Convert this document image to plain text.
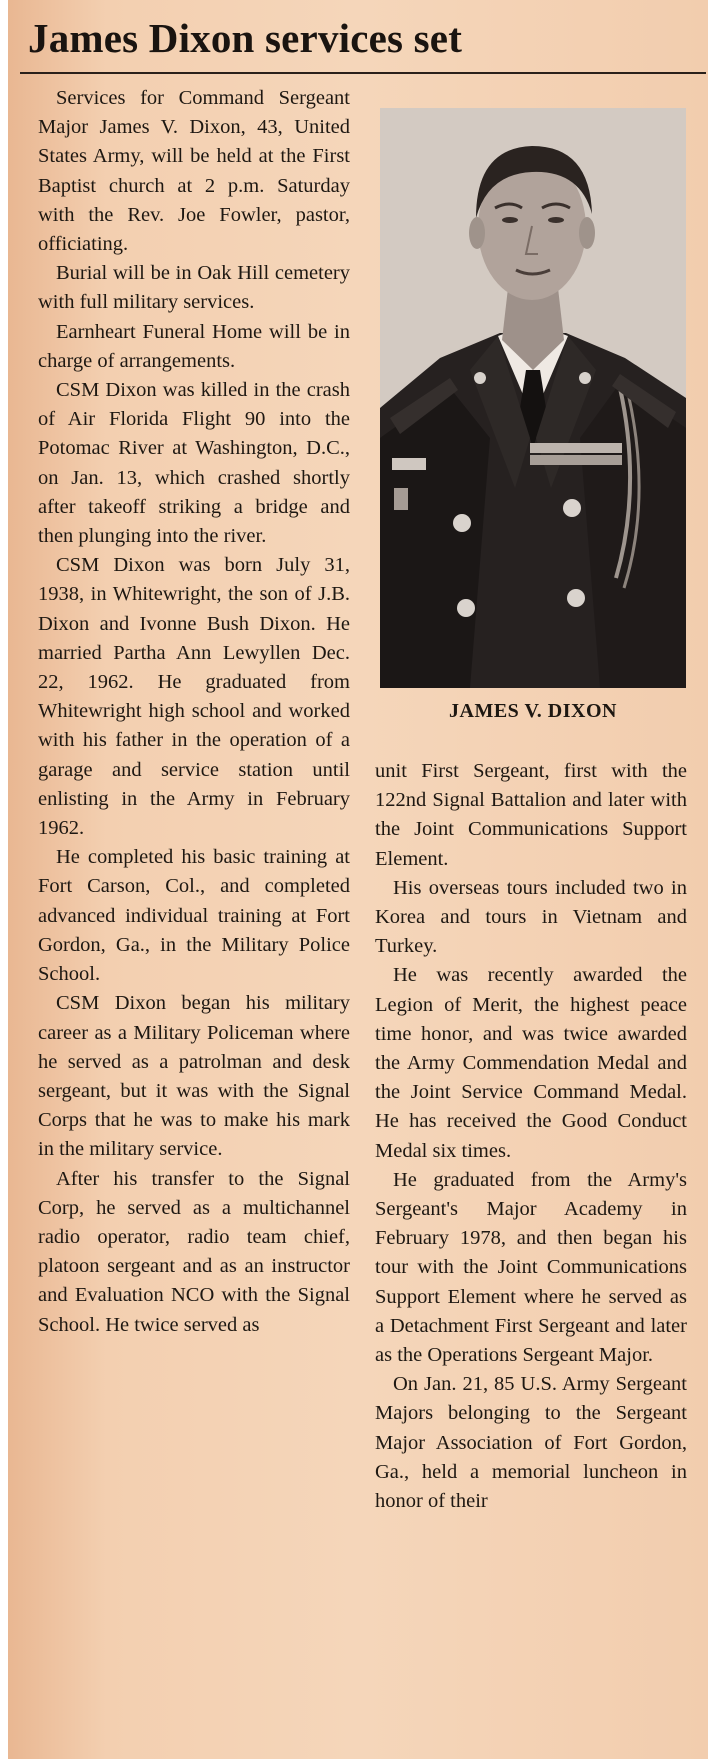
James Dixon services set

Services for Command Sergeant Major James V. Dixon, 43, United States Army, will be held at the First Baptist church at 2 p.m. Saturday with the Rev. Joe Fowler, pastor, officiating.

Burial will be in Oak Hill cemetery with full military services.

Earnheart Funeral Home will be in charge of arrangements.

CSM Dixon was killed in the crash of Air Florida Flight 90 into the Potomac River at Washington, D.C., on Jan. 13, which crashed shortly after takeoff striking a bridge and then plunging into the river.

CSM Dixon was born July 31, 1938, in Whitewright, the son of J.B. Dixon and Ivonne Bush Dixon. He married Partha Ann Lewyllen Dec. 22, 1962. He graduated from Whitewright high school and worked with his father in the operation of a garage and service station until enlisting in the Army in February 1962.

He completed his basic training at Fort Carson, Col., and completed advanced individual training at Fort Gordon, Ga., in the Military Police School.

CSM Dixon began his military career as a Military Policeman where he served as a patrolman and desk sergeant, but it was with the Signal Corps that he was to make his mark in the military service.

After his transfer to the Signal Corp, he served as a multichannel radio operator, radio team chief, platoon sergeant and as an instructor and Evaluation NCO with the Signal School. He twice served as

JAMES V. DIXON

unit First Sergeant, first with the 122nd Signal Battalion and later with the Joint Communications Support Element.

His overseas tours included two in Korea and tours in Vietnam and Turkey.

He was recently awarded the Legion of Merit, the highest peace time honor, and was twice awarded the Army Commendation Medal and the Joint Service Command Medal. He has received the Good Conduct Medal six times.

He graduated from the Army's Sergeant's Major Academy in February 1978, and then began his tour with the Joint Communications Support Element where he served as a Detachment First Sergeant and later as the Operations Sergeant Major.

On Jan. 21, 85 U.S. Army Sergeant Majors belonging to the Sergeant Major Association of Fort Gordon, Ga., held a memorial luncheon in honor of their
